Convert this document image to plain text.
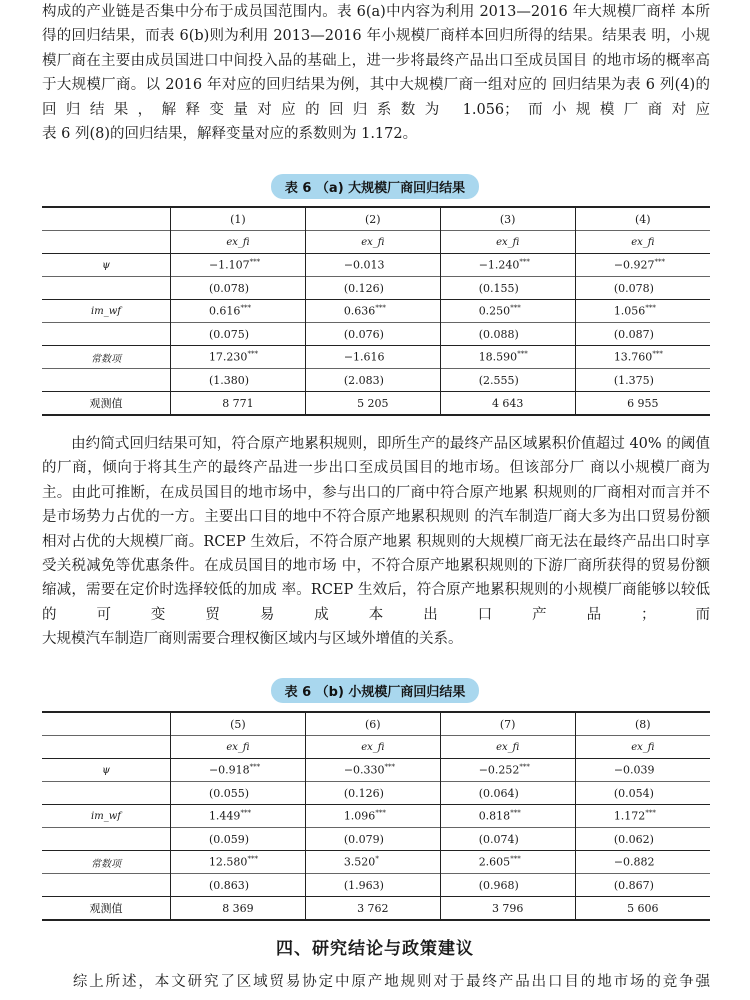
构成的产业链是否集中分布于成员国范围内。表 6(a)中内容为利用 2013—2016 年大规模厂商样 本所得的回归结果，而表 6(b)则为利用 2013—2016 年小规模厂商样本回归所得的结果。结果表 明，小规模厂商在主要由成员国进口中间投入品的基础上，进一步将最终产品出口至成员国目 的地市场的概率高于大规模厂商。以 2016 年对应的回归结果为例，其中大规模厂商一组对应的 回归结果为表 6 列(4)的回归结果，解释变量对应的回归系数为 1.056；而小规模厂商对应
表 6 列(8)的回归结果，解释变量对应的系数则为 1.172。

表 6 （a) 大规模厂商回归结果
	(1)	(2)	(3)	(4)
	ex_fi	ex_fi	ex_fi	ex_fi
ψ	−1.107***	−0.013	−1.240***	−0.927***
	(0.078)	(0.126)	(0.155)	(0.078)
im_wf	0.616***	0.636***	0.250***	1.056***
	(0.075)	(0.076)	(0.088)	(0.087)
常数项	17.230***	−1.616	18.590***	13.760***
	(1.380)	(2.083)	(2.555)	(1.375)
观测值	8 771	5 205	4 643	6 955

由约简式回归结果可知，符合原产地累积规则，即所生产的最终产品区域累积价值超过 40% 的阈值的厂商，倾向于将其生产的最终产品进一步出口至成员国目的地市场。但该部分厂 商以小规模厂商为主。由此可推断，在成员国目的地市场中，参与出口的厂商中符合原产地累 积规则的厂商相对而言并不是市场势力占优的一方。主要出口目的地中不符合原产地累积规则 的汽车制造厂商大多为出口贸易份额相对占优的大规模厂商。RCEP 生效后，不符合原产地累 积规则的大规模厂商无法在最终产品出口时享受关税减免等优惠条件。在成员国目的地市场 中，不符合原产地累积规则的下游厂商所获得的贸易份额缩减，需要在定价时选择较低的加成 率。RCEP 生效后，符合原产地累积规则的小规模厂商能够以较低的可变贸易成本出口产品；而
大规模汽车制造厂商则需要合理权衡区域内与区域外增值的关系。

表 6 （b) 小规模厂商回归结果
	(5)	(6)	(7)	(8)
	ex_fi	ex_fi	ex_fi	ex_fi
ψ	−0.918***	−0.330***	−0.252***	−0.039
	(0.055)	(0.126)	(0.064)	(0.054)
im_wf	1.449***	1.096***	0.818***	1.172***
	(0.059)	(0.079)	(0.074)	(0.062)
常数项	12.580***	3.520*	2.605***	−0.882
	(0.863)	(1.963)	(0.968)	(0.867)
观测值	8 369	3 762	3 796	5 606
四、研究结论与政策建议

综上所述，本文研究了区域贸易协定中原产地规则对于最终产品出口目的地市场的竞争强
